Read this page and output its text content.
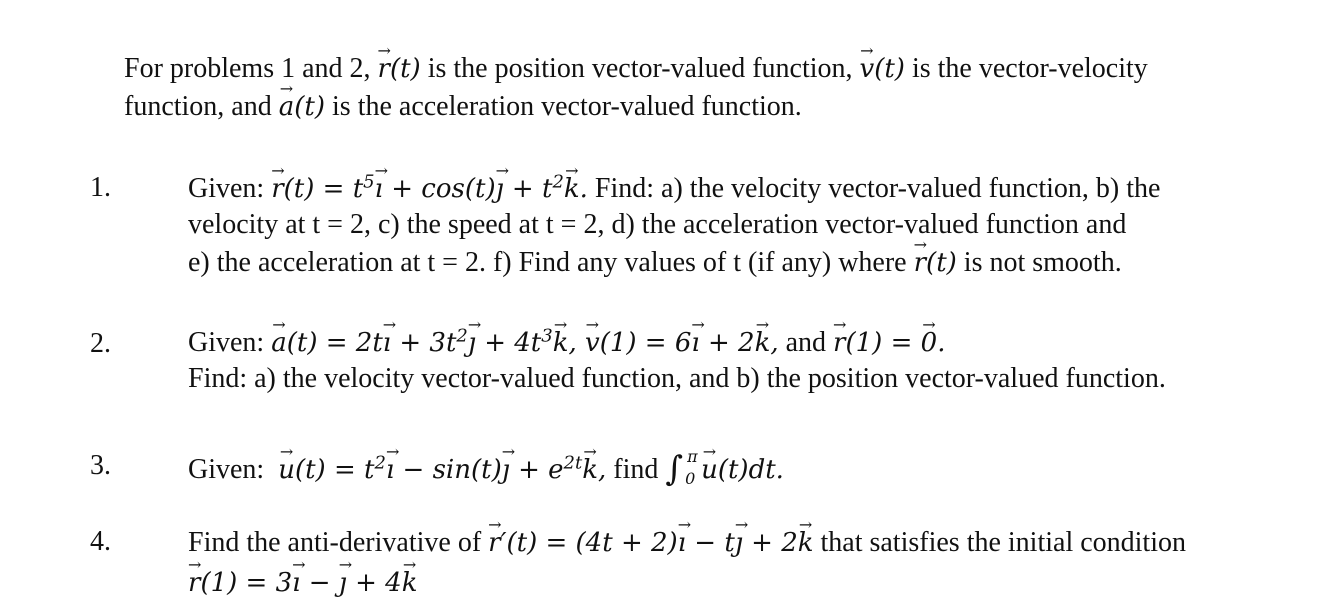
For problems 1 and 2, r →(t) is the position vector-valued function, v →(t) is the vector-velocity
function, and a →(t) is the acceleration vector-valued function.
1.	Given: $r \to(t) = t^5ı$ → + cos(t)ȷ → + $t^2k$ →. Find: a) the velocity vector-valued function, b) the
velocity at t = 2, c) the speed at t = 2, d) the acceleration vector-valued function and
e) the acceleration at t = 2. f) Find any values of t (if any) where r →(t) is not smooth.
2.	Given: a →(t) = 2tı → + $3t^2ȷ$ → + $4t^3k$ →, v →(1) = 6ı → + 2k →, and r →(1) = 0 →.
Find: a) the velocity vector-valued function, and b) the position vector-valued function.
3.	Given: $u \to(t) = t^2ı$ → − sin(t)ȷ → + $e^{2t}k$ →, find ∫ π
0 u →(t)dt.
4.	Find the anti-derivative of r →′(t) = (4t + 2)ı → − tȷ → + 2k → that satisfies the initial condition
r →(1) = 3ı → − ȷ → + 4k →
